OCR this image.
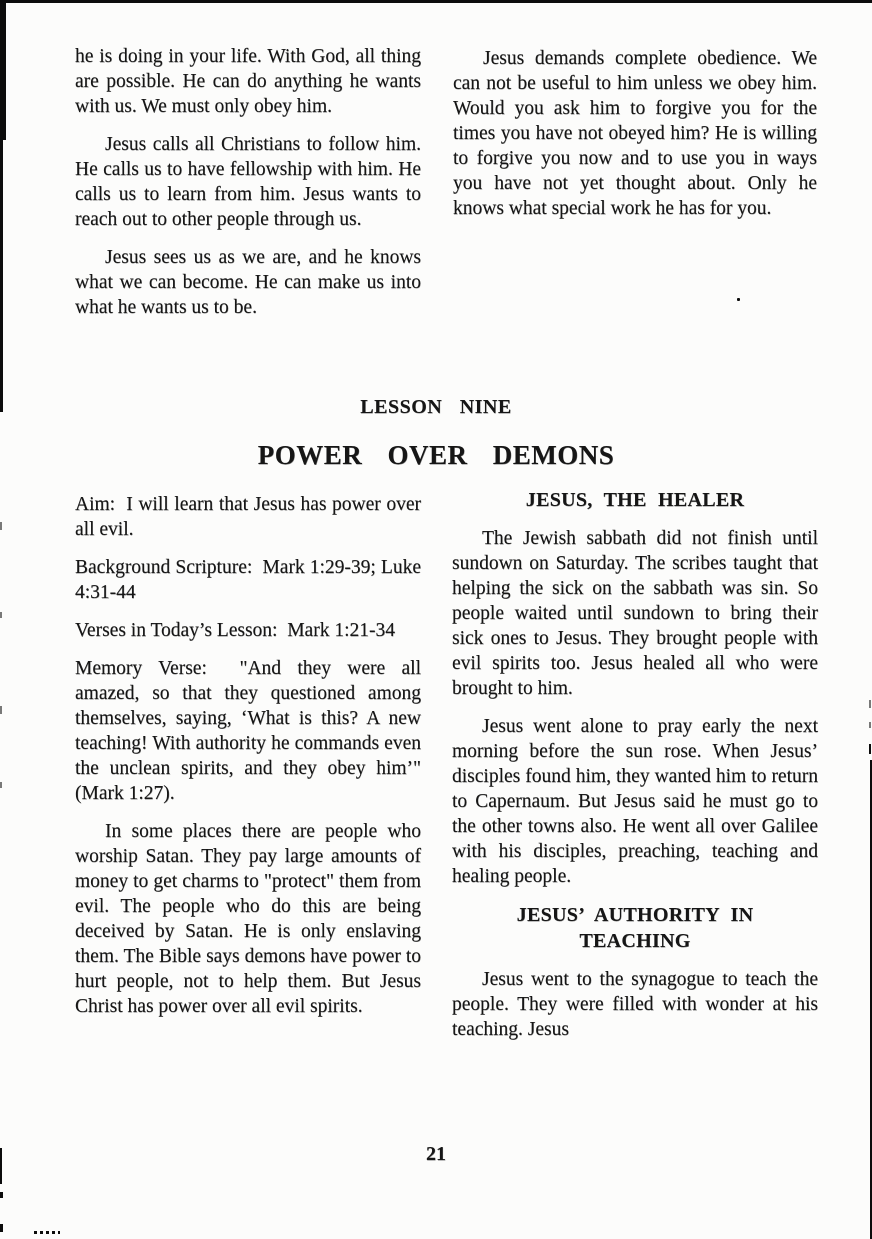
he is doing in your life. With God, all thing are possible. He can do anything he wants with us. We must only obey him.

Jesus calls all Christians to follow him. He calls us to have fellowship with him. He calls us to learn from him. Jesus wants to reach out to other people through us.

Jesus sees us as we are, and he knows what we can become. He can make us into what he wants us to be.

Jesus demands complete obedience. We can not be useful to him unless we obey him. Would you ask him to forgive you for the times you have not obeyed him? He is willing to forgive you now and to use you in ways you have not yet thought about. Only he knows what special work he has for you.

LESSON NINE
POWER OVER DEMONS

Aim:  I will learn that Jesus has power over all evil.

Background Scripture:  Mark 1:29-39; Luke 4:31-44

Verses in Today’s Lesson:  Mark 1:21-34

Memory Verse:  "And they were all amazed, so that they questioned among themselves, saying, ‘What is this? A new teaching! With authority he commands even the unclean spirits, and they obey him’" (Mark 1:27).

In some places there are people who worship Satan. They pay large amounts of money to get charms to "protect" them from evil. The people who do this are being deceived by Satan. He is only enslaving them. The Bible says demons have power to hurt people, not to help them. But Jesus Christ has power over all evil spirits.

JESUS, THE HEALER

The Jewish sabbath did not finish until sundown on Saturday. The scribes taught that helping the sick on the sabbath was sin. So people waited until sundown to bring their sick ones to Jesus. They brought people with evil spirits too. Jesus healed all who were brought to him.

Jesus went alone to pray early the next morning before the sun rose. When Jesus’ disciples found him, they wanted him to return to Capernaum. But Jesus said he must go to the other towns also. He went all over Galilee with his disciples, preaching, teaching and healing people.

JESUS’ AUTHORITY IN TEACHING

Jesus went to the synagogue to teach the people. They were filled with wonder at his teaching. Jesus

21
